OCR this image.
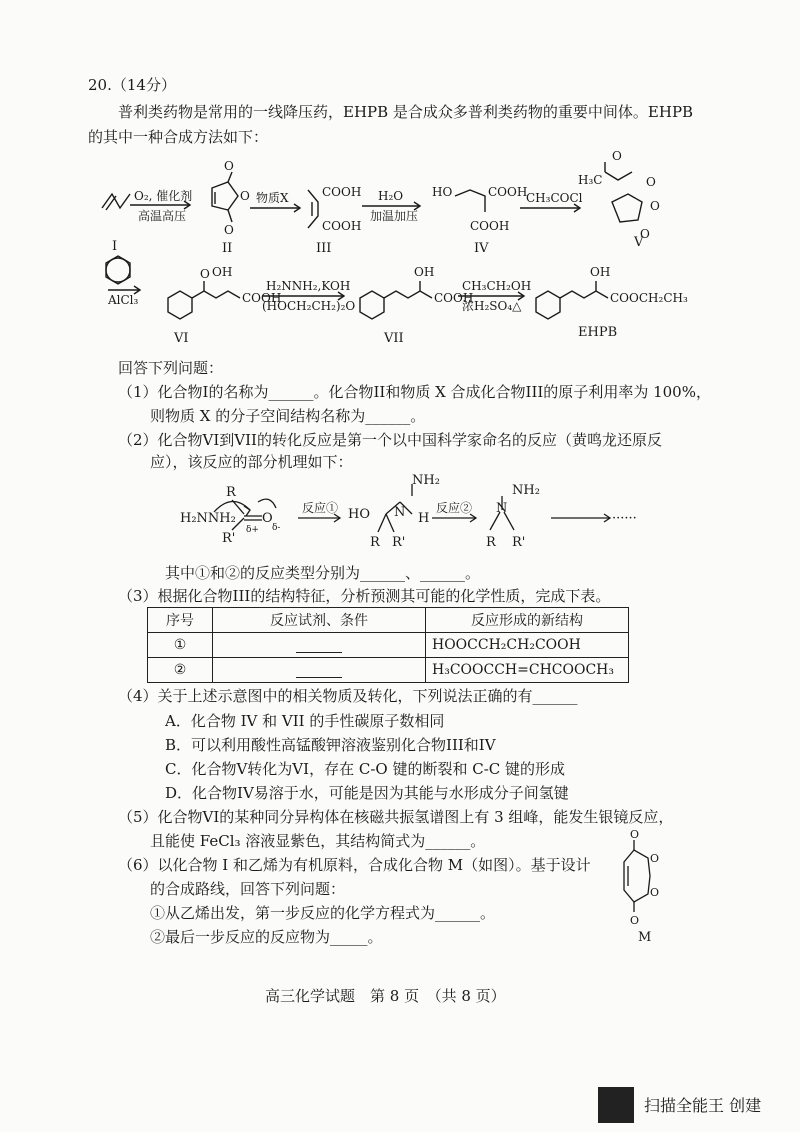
20.（14分）
普利类药物是常用的一线降压药，EHPB 是合成众多普利类药物的重要中间体。EHPB
的其中一种合成方法如下：
O
O
O
COOH
COOH
HO	COOH
COOH
O
H₃C	O
O
O
O OH
COOH
OH
COOH
OH
COOCH₂CH₃
O₂, 催化剂
高温高压
物质X	H₂O
加温加压
CH₃COCl
AlCl₃
H₂NNH₂,KOH
(HOCH₂CH₂)₂O
CH₃CH₂OH
浓H₂SO₄△
I	II	III	IV	V
VI	VII	EHPB
回答下列问题：
（1）化合物I的名称为______。化合物II和物质 X 合成化合物III的原子利用率为 100%，
则物质 X 的分子空间结构名称为______。
（2）化合物VI到VII的转化反应是第一个以中国科学家命名的反应（黄鸣龙还原反
应），该反应的部分机理如下：
H₂NNH₂
R
R'
O
δ+ δ-
反应① HO N
NH₂
H
R R'
反应② N
NH₂
R R'
······
其中①和②的反应类型分别为______、______。
（3）根据化合物III的结构特征，分析预测其可能的化学性质，完成下表。
序号	反应试剂、条件	反应形成的新结构
①		HOOCCH₂CH₂COOH
②		H₃COOCCH=CHCOOCH₃
（4）关于上述示意图中的相关物质及转化，下列说法正确的有______
A．化合物 IV 和 VII 的手性碳原子数相同
B．可以利用酸性高锰酸钾溶液鉴别化合物III和IV
C．化合物V转化为VI，存在 C-O 键的断裂和 C-C 键的形成
D．化合物IV易溶于水，可能是因为其能与水形成分子间氢键
（5）化合物VI的某种同分异构体在核磁共振氢谱图上有 3 组峰，能发生银镜反应，
且能使 FeCl₃ 溶液显紫色，其结构简式为______。
（6）以化合物 I 和乙烯为有机原料，合成化合物 M（如图）。基于设计
的合成路线，回答下列问题：
①从乙烯出发，第一步反应的化学方程式为______。
②最后一步反应的反应物为_____。
O
O
O
O
M
高三化学试题　第 8 页　（共 8 页）
扫描全能王 创建
